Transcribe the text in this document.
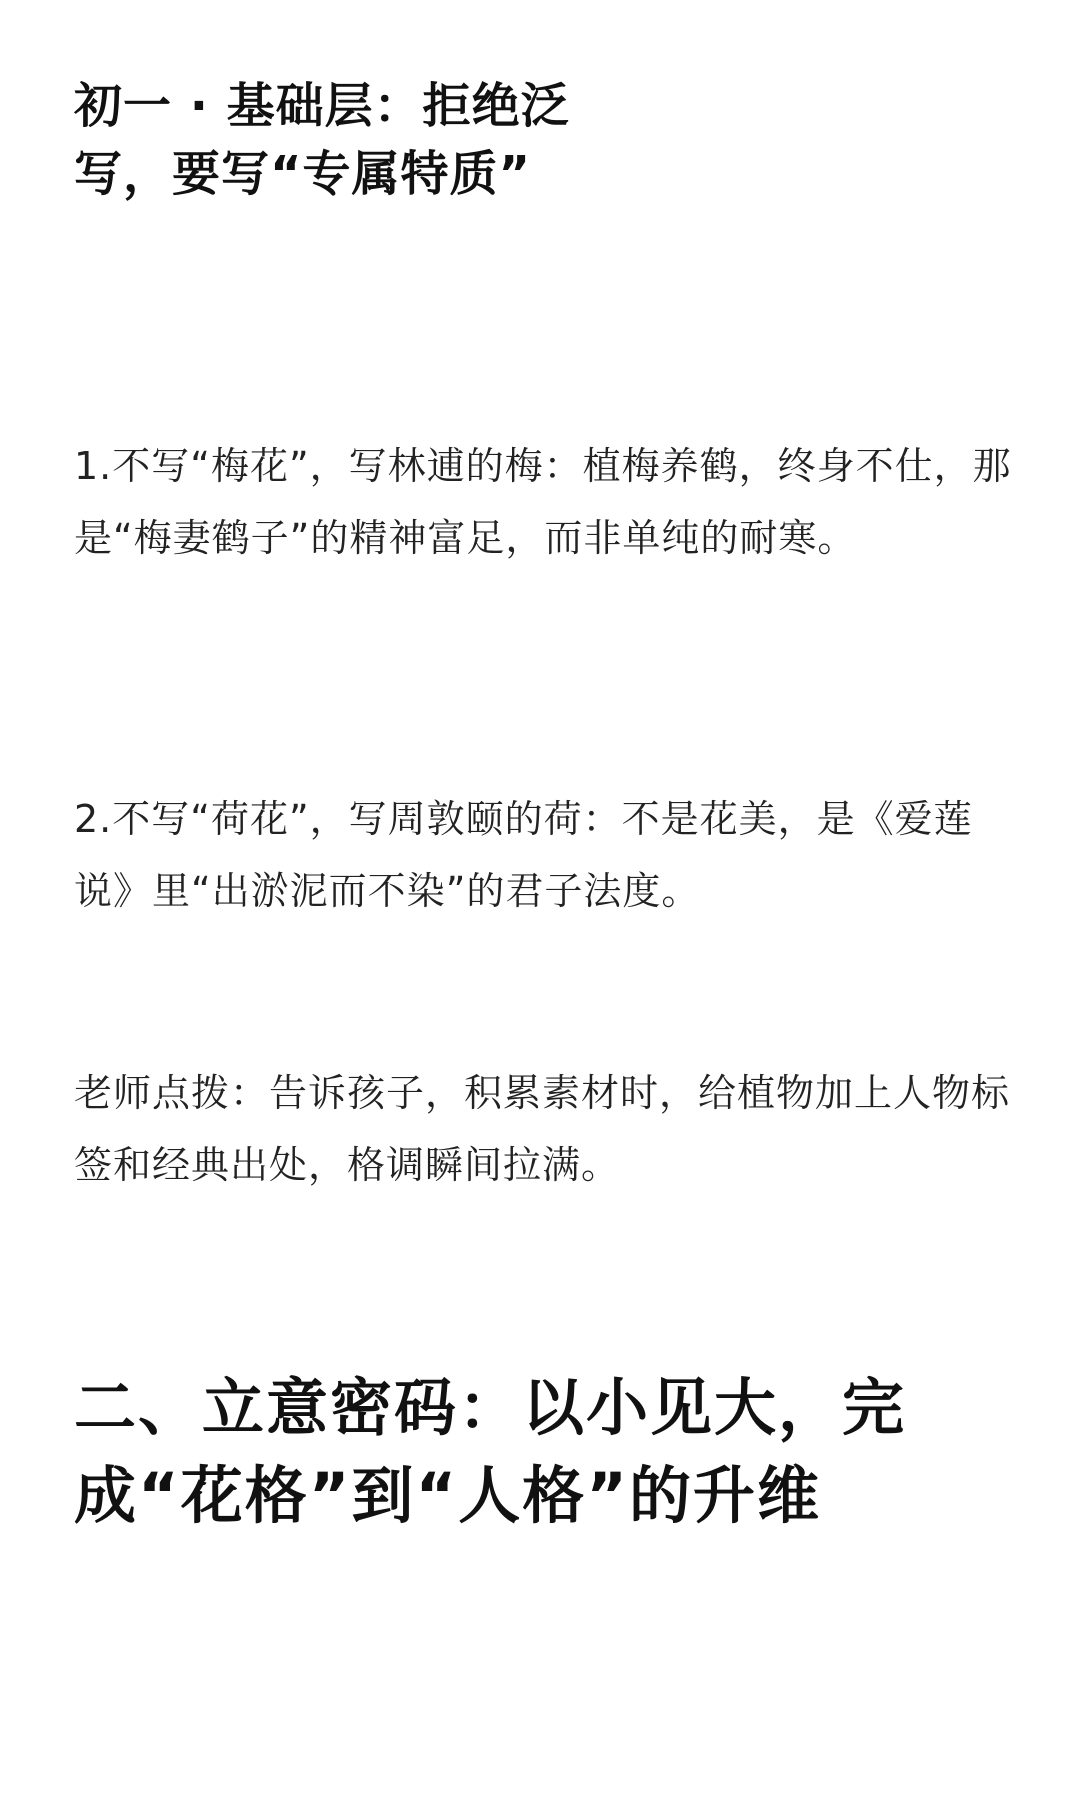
初一 · 基础层：拒绝泛写，要写“专属特质”

1.不写“梅花”，写林逋的梅：植梅养鹤，终身不仕，那是“梅妻鹤子”的精神富足，而非单纯的耐寒。

2.不写“荷花”，写周敦颐的荷：不是花美，是《爱莲说》里“出淤泥而不染”的君子法度。

老师点拨：告诉孩子，积累素材时，给植物加上人物标签和经典出处，格调瞬间拉满。

二、立意密码：以小见大，完成“花格”到“人格”的升维
